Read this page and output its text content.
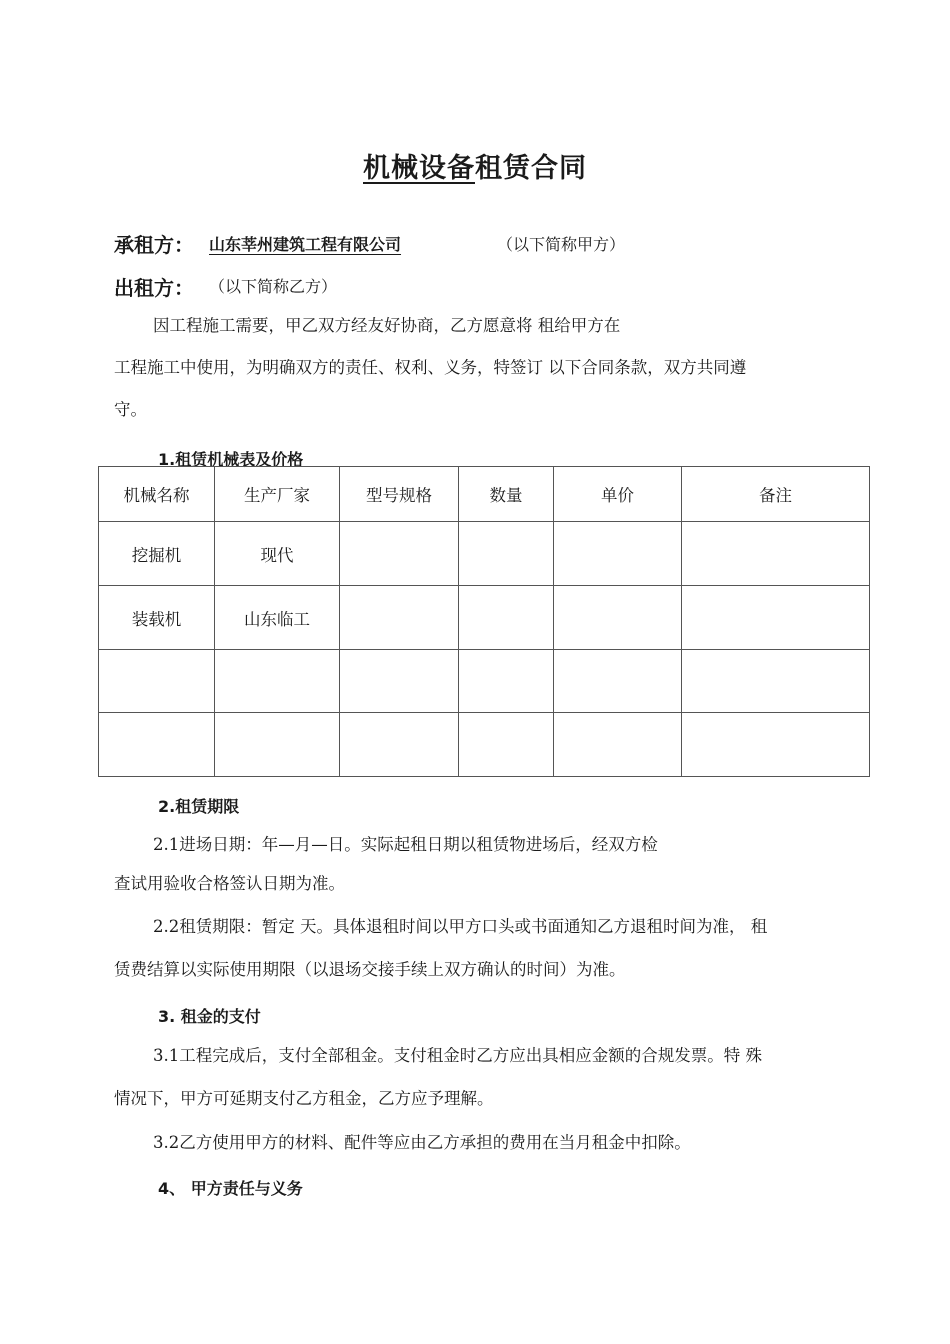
机械设备租赁合同
承租方： 山东莘州建筑工程有限公司	（以下简称甲方）
出租方： （以下简称乙方）
因工程施工需要，甲乙双方经友好协商，乙方愿意将 租给甲方在
工程施工中使用，为明确双方的责任、权利、义务，特签订 以下合同条款，双方共同遵
守。
1.租赁机械表及价格
机械名称	生产厂家	型号规格	数量	单价	备注
挖掘机	现代				
装载机	山东临工				

2.租赁期限
2.1进场日期：年—月—日。实际起租日期以租赁物进场后，经双方检
查试用验收合格签认日期为准。
2.2租赁期限：暂定 天。具体退租时间以甲方口头或书面通知乙方退租时间为准， 租
赁费结算以实际使用期限（以退场交接手续上双方确认的时间）为准。
3. 租金的支付
3.1工程完成后，支付全部租金。支付租金时乙方应出具相应金额的合规发票。特 殊
情况下，甲方可延期支付乙方租金，乙方应予理解。
3.2乙方使用甲方的材料、配件等应由乙方承担的费用在当月租金中扣除。
4、 甲方责任与义务
